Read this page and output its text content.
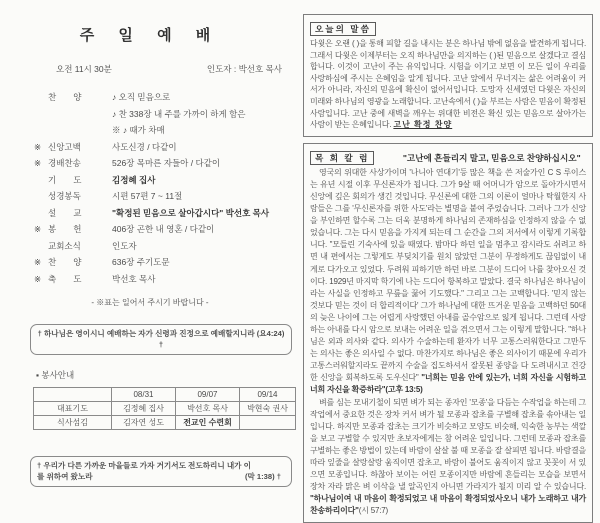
주 일 예 배
오전 11시 30분	인도자 : 박선호 목사
찬　　양	♪ 오직 믿음으로
♪ 찬 338장 내 주를 가까이 하게 함은
※ ♪ 때가 차매
※ 신앙고백	사도신경 / 다같이
※ 경배찬송	526장 목마른 자들아 / 다같이
기　　도	김정혜 집사
성경봉독	시편 57편 7 ~ 11절
설　　교	"확정된 믿음으로 살아갑시다" 박선호 목사
※ 봉　　헌	406장 곤한 내 영혼 / 다같이
교회소식	인도자
※ 찬　　양	636장 주기도문
※ 축　　도	박선호 목사
- ※표는 일어서 주시기 바랍니다 -
† 하나님은 영이시니 예배하는 자가 신령과 진정으로 예배할지니라 (요4:24) †
▪ 봉사안내
	08/31	09/07	09/14
대표기도	김정혜 집사	박선호 목사	박현숙 권사
식사섬김	김자연 성도	전교인 수련회	
† 우리가 다른 가까운 마을들로 가자 거기서도 전도하리니 내가 이를 위하여 왔노라	(막 1:38) †
오늘의 말씀
다윗은 오랜 ( )을 통해 피할 길을 내시는 분은 하나님 밖에 없음을 발견하게 됩니다. 그래서 다윗은 이제부터는 오직 하나님만을 의지하는 ( )된 믿음으로 살겠다고 결심합니다. 이것이 고난이 주는 유익입니다. 시험을 이기고 보면 이 모든 일이 우리를 사랑하심에 주시는 은혜임을 알게 됩니다. 고난 앞에서 무너지는 삶은 어려움이 커서가 아니라, 자신의 믿음에 확신이 없어서입니다. 도망자 신세였던 다윗은 자신의 미래와 하나님의 영광을 노래합니다. 고난속에서 ( )을 부르는 사람은 믿음이 확정된 사람입니다. 고난 중에 새벽을 깨우는 위대한 비전은 확신 있는 믿음으로 살아가는 사람이 받는 은혜입니다. 고난 확정 찬양
목 회 칼 럼	"고난에 흔들리지 말고, 믿음으로 찬양하십시오"
영국의 위대한 사상가이며 '나니아 연대기'등 많은 책을 쓴 저술가인 C S 루이스는 유년 시절 이후 무신론자가 됩니다. 그가 9살 때 어머니가 암으로 돌아가시면서 신앙에 깊은 회의가 생긴 것입니다. 무신론에 대한 그의 이론이 얼마나 탁월한지 사람들은 그를 '무신론자를 위한 사도'라는 별명을 붙여 주었습니다. 그러나 그가 신앙을 부인하면 할수록 그는 더욱 분명하게 하나님의 존재하심을 인정하지 않을 수 없었습니다. 그는 다시 믿음을 가지게 되는데 그 순간을 그의 저서에서 이렇게 기록합니다. "모들린 기숙사에 있을 때였다. 밤마다 하던 일을 멈추고 잠시라도 쉬려고 하면 내 편에서는 그렇게도 부딪치기를 원치 않았던 그분이 무정하게도 끊임없이 내게로 다가오고 있었다. 두려워 피하기만 하던 바로 그분이 드디어 나를 찾아오신 것이다. 1929년 마지막 학기에 나는 드디어 항복하고 말았다. 결국 하나님은 하나님이라는 사실을 인정하고 무릎을 꿇어 기도했다." 그리고 그는 고백합니다. '믿지 않는 것보다 믿는 것이 더 합리적이다' 그가 하나님에 대한 뜨거운 믿음을 고백하던 50대의 늦은 나이에 그는 어렵게 사랑했던 아내를 골수암으로 잃게 됩니다. 그런데 사랑하는 아내를 다시 암으로 보내는 어려운 일을 겪으면서 그는 이렇게 말합니다. "하나님은 외과 의사와 같다. 의사가 수술하는데 환자가 너무 고통스러워한다고 그만두는 의사는 좋은 의사일 수 없다. 마찬가지로 하나님은 좋은 의사이기 때문에 우리가 고통스러워할지라도 끝까지 수술을 집도하셔서 잘못된 종양을 다 도려내시고 건강한 신앙을 회복하도록 도우신다" "너희는 믿음 안에 있는가, 너희 자신을 시험하고 너희 자신을 확증하라"(고후 13:5)
벼를 심는 모내기철이 되면 벼가 되는 종자인 '모종'을 다듬는 수작업을 하는데 그 작업에서 중요한 것은 장차 커서 벼가 될 모종과 잡초를 구별해 잡초를 솎아내는 일입니다. 하지만 모종과 잡초는 크기가 비슷하고 모양도 비슷해, 익숙한 농부는 색깔을 보고 구별할 수 있지만 초보자에게는 참 어려운 일입니다. 그런데 모종과 잡초를 구별하는 좋은 방법이 있는데 바람이 살살 불 때 모종을 잘 살피면 됩니다. 바람결을 따라 잎줄을 살랑살랑 움직이면 잡초고, 바람이 불어도 움직이지 않고 꼿꼿이 서 있으면 모종입니다. 하찮아 보이는 어린 모종이지만 바람에 흔들리는 모습을 보면서 장차 자라 맑은 벼 이삭을 낼 알곡인지 아니면 가라지가 될지 미리 알 수 있습니다. "하나님이여 내 마음이 확정되었고 내 마음이 확정되었사오니 내가 노래하고 내가 찬송하리이다"(시 57:7)
